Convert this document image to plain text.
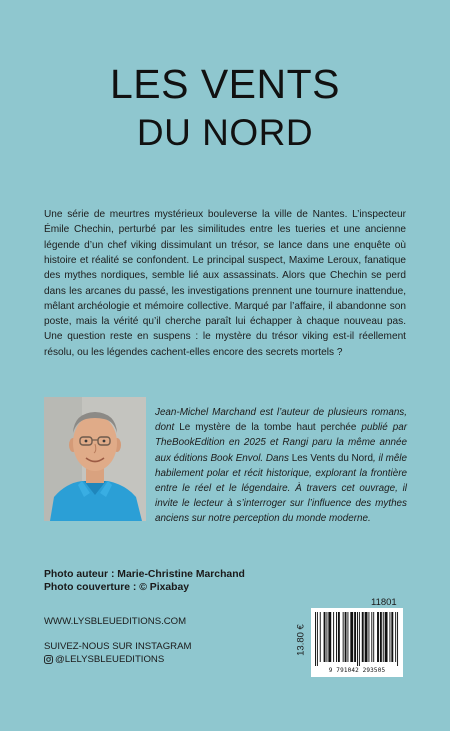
LES VENTS
DU NORD

Une série de meurtres mystérieux bouleverse la ville de Nantes. L’inspecteur Émile Chechin, perturbé par les similitudes entre les tueries et une ancienne légende d’un chef viking dissimulant un trésor, se lance dans une enquête où histoire et réalité se confondent. Le principal suspect, Maxime Leroux, fanatique des mythes nordiques, semble lié aux assassinats. Alors que Chechin se perd dans les arcanes du passé, les investigations prennent une tournure inattendue, mêlant archéologie et mémoire collective. Marqué par l’affaire, il abandonne son poste, mais la vérité qu’il cherche paraît lui échapper à chaque nouveau pas. Une question reste en suspens : le mystère du trésor viking est-il réellement résolu, ou les légendes cachent-elles encore des secrets mortels ?

Jean-Michel Marchand est l’auteur de plusieurs romans, dont Le mystère de la tombe haut perchée publié par TheBookEdition en 2025 et Rangi paru la même année aux éditions Book Envol. Dans Les Vents du Nord, il mêle habilement polar et récit historique, explorant la frontière entre le réel et le légendaire. À travers cet ouvrage, il invite le lecteur à s’interroger sur l’influence des mythes anciens sur notre perception du monde moderne.

Photo auteur : Marie-Christine Marchand
Photo couverture : © Pixabay
11801
WWW.LYSBLEUEDITIONS.COM
SUIVEZ-NOUS SUR INSTAGRAM
@LELYSBLEUEDITIONS
13.80 €
9 791042 293505
